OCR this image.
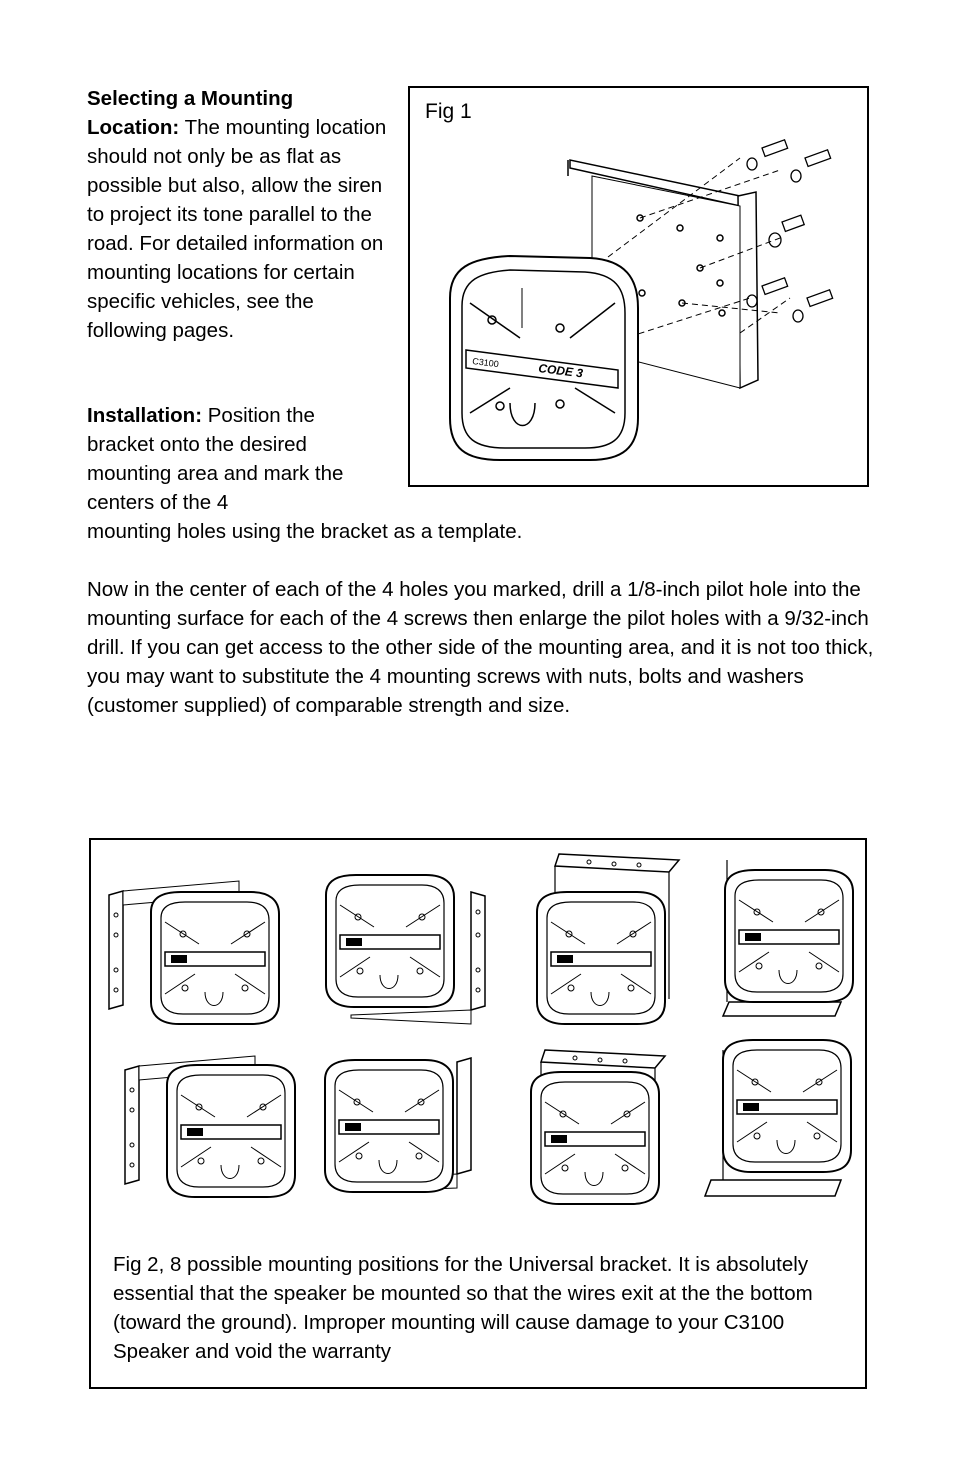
Selecting a Mounting Location: The mounting location should not only be as flat as possible but also, allow the siren to project its tone parallel to the road. For detailed information on mounting locations for certain specific vehicles, see the following pages.

Installation: Position the bracket onto the desired mounting area and mark the centers of the 4

mounting holes using the bracket as a template.

Now in the center of each of the 4 holes you marked, drill a 1/8-inch pilot hole into the mounting surface for each of the 4 screws then enlarge the pilot holes with a 9/32-inch drill. If you can get access to the other side of the mounting area, and it is not too thick, you may want to substitute the 4 mounting screws with nuts, bolts and washers (customer supplied) of comparable strength and size.

C3100	CODE 3
Fig 1
Fig 2, 8 possible mounting positions for the Universal bracket. It is absolutely essential that the speaker be mounted so that the wires exit at the the bottom (toward the ground). Improper mounting will cause damage to your C3100 Speaker and void the warranty
